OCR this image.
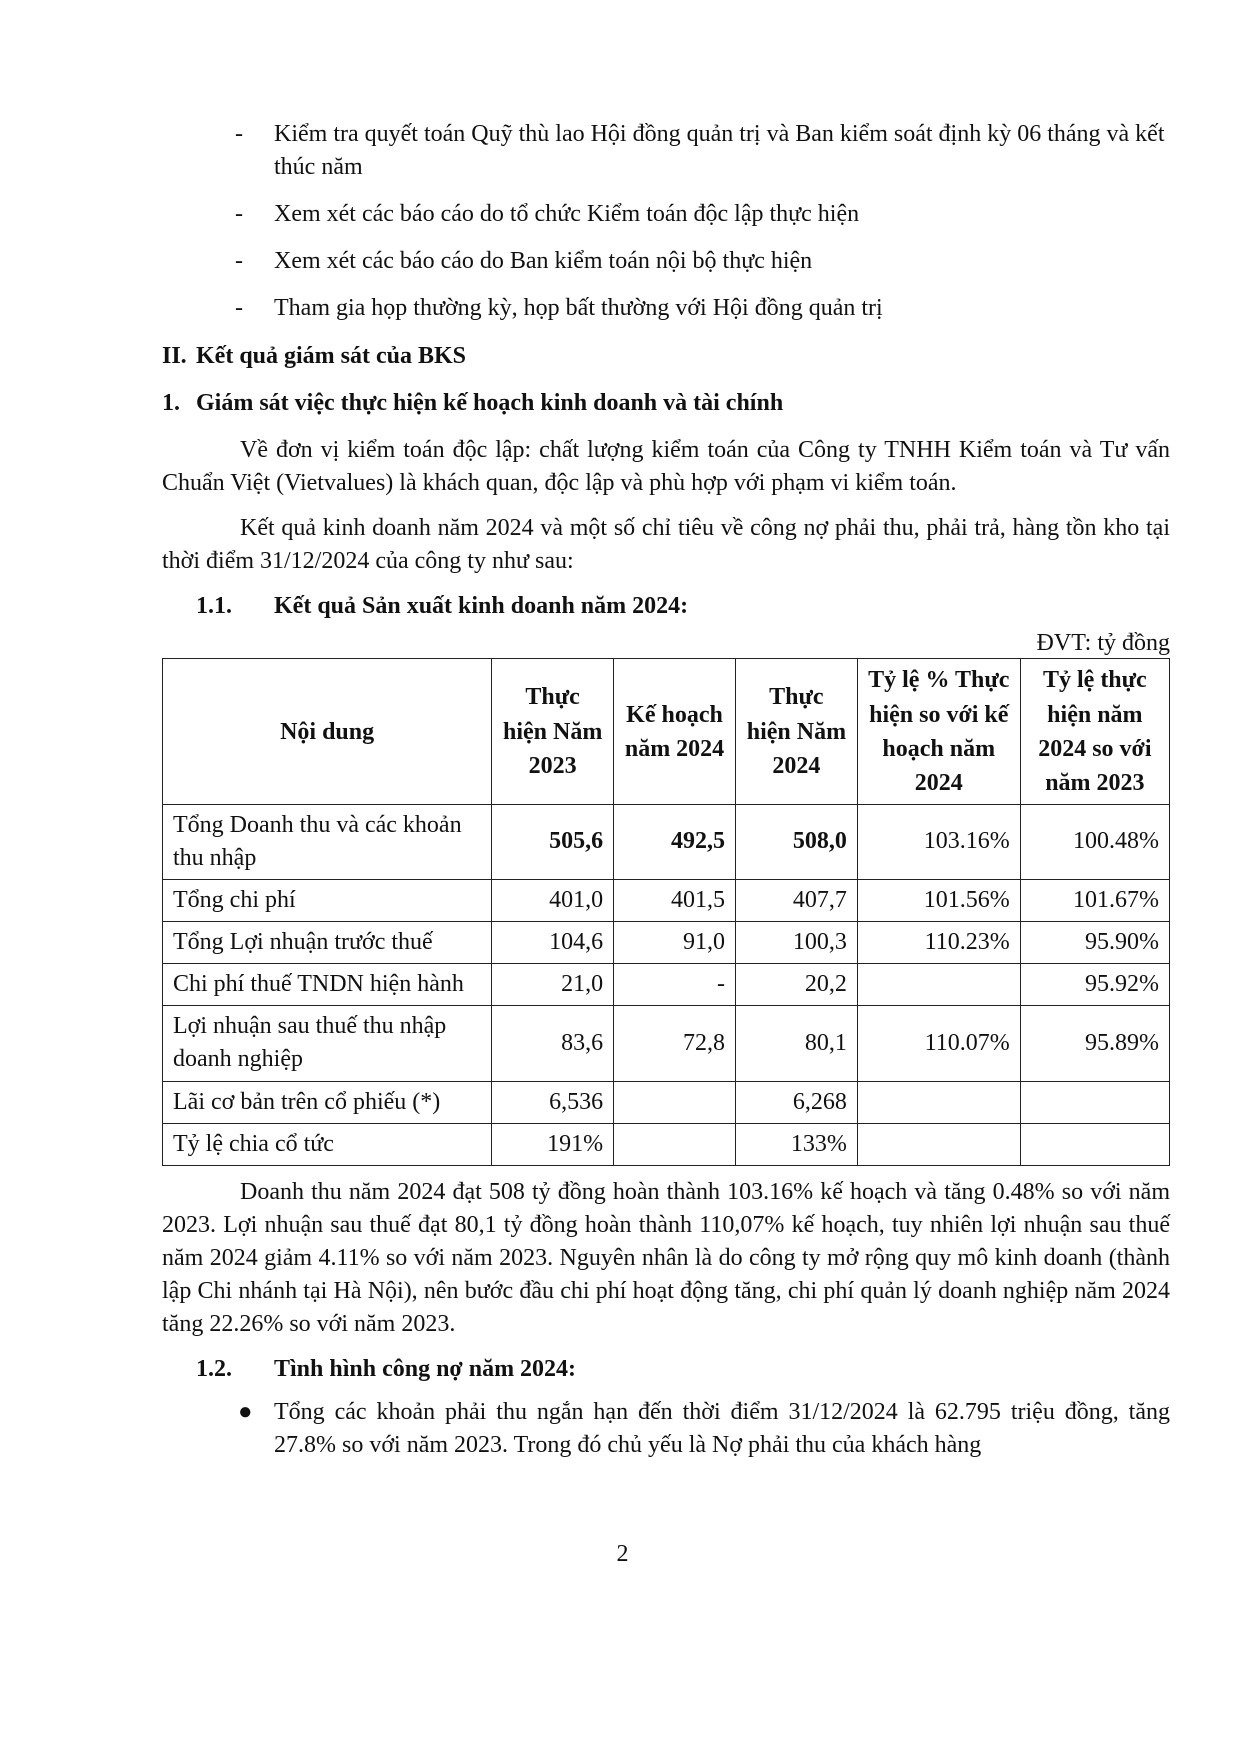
- Kiểm tra quyết toán Quỹ thù lao Hội đồng quản trị và Ban kiểm soát định kỳ 06 tháng và kết thúc năm
- Xem xét các báo cáo do tổ chức Kiểm toán độc lập thực hiện
- Xem xét các báo cáo do Ban kiểm toán nội bộ thực hiện
- Tham gia họp thường kỳ, họp bất thường với Hội đồng quản trị
II. Kết quả giám sát của BKS
1. Giám sát việc thực hiện kế hoạch kinh doanh và tài chính

Về đơn vị kiểm toán độc lập: chất lượng kiểm toán của Công ty TNHH Kiểm toán và Tư vấn Chuẩn Việt (Vietvalues) là khách quan, độc lập và phù hợp với phạm vi kiểm toán.

Kết quả kinh doanh năm 2024 và một số chỉ tiêu về công nợ phải thu, phải trả, hàng tồn kho tại thời điểm 31/12/2024 của công ty như sau:

1.1. Kết quả Sản xuất kinh doanh năm 2024:
ĐVT: tỷ đồng
Nội dung	Thực hiện Năm 2023	Kế hoạch năm 2024	Thực hiện Năm 2024	Tỷ lệ % Thực hiện so với kế hoạch năm 2024	Tỷ lệ thực hiện năm 2024 so với năm 2023
Tổng Doanh thu và các khoản thu nhập	505,6	492,5	508,0	103.16%	100.48%
Tổng chi phí	401,0	401,5	407,7	101.56%	101.67%
Tổng Lợi nhuận trước thuế	104,6	91,0	100,3	110.23%	95.90%
Chi phí thuế TNDN hiện hành	21,0	-	20,2		95.92%
Lợi nhuận sau thuế thu nhập doanh nghiệp	83,6	72,8	80,1	110.07%	95.89%
Lãi cơ bản trên cổ phiếu (*)	6,536		6,268		
Tỷ lệ chia cổ tức	191%		133%		

Doanh thu năm 2024 đạt 508 tỷ đồng hoàn thành 103.16% kế hoạch và tăng 0.48% so với năm 2023. Lợi nhuận sau thuế đạt 80,1 tỷ đồng hoàn thành 110,07% kế hoạch, tuy nhiên lợi nhuận sau thuế năm 2024 giảm 4.11% so với năm 2023. Nguyên nhân là do công ty mở rộng quy mô kinh doanh (thành lập Chi nhánh tại Hà Nội), nên bước đầu chi phí hoạt động tăng, chi phí quản lý doanh nghiệp năm 2024 tăng 22.26% so với năm 2023.

1.2. Tình hình công nợ năm 2024:
● Tổng các khoản phải thu ngắn hạn đến thời điểm 31/12/2024 là 62.795 triệu đồng, tăng 27.8% so với năm 2023. Trong đó chủ yếu là Nợ phải thu của khách hàng
2
